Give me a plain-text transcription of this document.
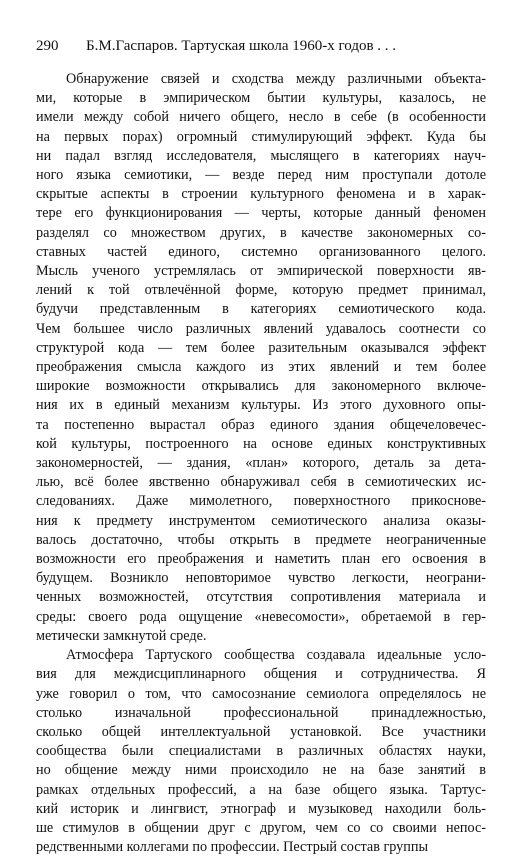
290 Б.М.Гаспаров. Тартуская школа 1960-х годов . . .
Обнаружение связей и сходства между различными объекта-
ми, которые в эмпирическом бытии культуры, казалось, не
имели между собой ничего общего, несло в себе (в особенности
на первых порах) огромный стимулирующий эффект. Куда бы
ни падал взгляд исследователя, мыслящего в категориях науч-
ного языка семиотики, — везде перед ним проступали дотоле
скрытые аспекты в строении культурного феномена и в харак-
тере его функционирования — черты, которые данный феномен
разделял со множеством других, в качестве закономерных со-
ставных частей единого, системно организованного целого.
Мысль ученого устремлялась от эмпирической поверхности яв-
лений к той отвлечённой форме, которую предмет принимал,
будучи представленным в категориях семиотического кода.
Чем большее число различных явлений удавалось соотнести со
структурой кода — тем более разительным оказывался эффект
преображения смысла каждого из этих явлений и тем более
широкие возможности открывались для закономерного включе-
ния их в единый механизм культуры. Из этого духовного опы-
та постепенно вырастал образ единого здания общечеловечес-
кой культуры, построенного на основе единых конструктивных
закономерностей, — здания, «план» которого, деталь за дета-
лью, всё более явственно обнаруживал себя в семиотических ис-
следованиях. Даже мимолетного, поверхностного прикоснове-
ния к предмету инструментом семиотического анализа оказы-
валось достаточно, чтобы открыть в предмете неограниченные
возможности его преображения и наметить план его освоения в
будущем. Возникло неповторимое чувство легкости, неограни-
ченных возможностей, отсутствия сопротивления материала и
среды: своего рода ощущение «невесомости», обретаемой в гер-
метически замкнутой среде.
Атмосфера Тартуского сообщества создавала идеальные усло-
вия для междисциплинарного общения и сотрудничества. Я
уже говорил о том, что самосознание семиолога определялось не
столько изначальной профессиональной принадлежностью,
сколько общей интеллектуальной установкой. Все участники
сообщества были специалистами в различных областях науки,
но общение между ними происходило не на базе занятий в
рамках отдельных профессий, а на базе общего языка. Тартус-
кий историк и лингвист, этнограф и музыковед находили боль-
ше стимулов в общении друг с другом, чем со со своими непос-
редственными коллегами по профессии. Пестрый состав группы
